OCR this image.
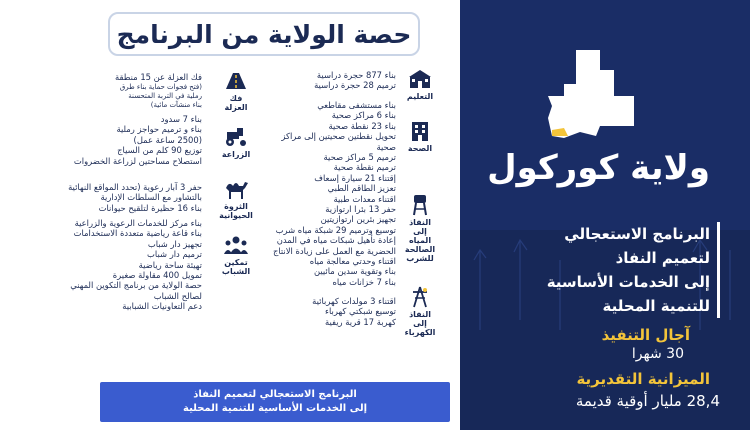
حصة الولاية من البرنامج
التعليم
بناء 877 حجرة دراسية
ترميم 28 حجرة دراسية
الصحة
بناء مستشفى مقاطعي
بناء 6 مراكز صحية
بناء 23 نقطة صحية
تحويل نقطتين صحيتين إلى مراكز
صحية
ترميم 5 مراكز صحية
ترميم نقطة صحية
إقتناء 21 سيارة إسعاف
تعزيز الطاقم الطبي
اقتناء معدات طبية
النفاذ
إلى
المياه
الصالحة
للشرب
حفر 13 بئرا ارتوازية
تجهيز بئرين ارتوازيتين
توسيع وترميم 29 شبكة مياه شرب
إعادة تأهيل شبكات مياه في المدن
الحضرية مع العمل على زيادة الانتاج
اقتناء وحدتي معالجة مياه
بناء وتقوية سدين مائيين
بناء 7 خزانات مياه
النفاذ
إلى
الكهرباء
اقتناء 3 مولدات كهربائية
توسيع شبكتي كهرباء
كهربة 17 قرية ريفية
فك
العزلة
فك العزلة عن 15 منطقة
(فتح فجوات حماية بناء طرق
رملية في التربة المتحسنة
بناء منشآت مائية)
الزراعة
بناء 7 سدود
بناء و ترميم حواجز رملية
(2500 ساعة عمل)
توزيع 90 كلم من السياج
استصلاح مساحتين لزراعة الخضروات
الثروة
الحيوانية
حفر 3 آبار رعوية (تحدد المواقع النهائية
بالتشاور مع السلطات الإدارية
بناء 16 حظيرة لتلقيح حيوانات
تمكين
الشباب
بناء مركز للخدمات الرعوية والزراعية
بناء قاعة رياضية متعددة الاستخدامات
تجهيز دار شباب
ترميم دار شباب
تهيئة ساحة رياضية
تمويل 400 مقاولة صغيرة
حصة الولاية من برنامج التكوين المهني
لصالح الشباب
دعم التعاونيات الشبابية
البرنامج الاستعجالي لتعميم النفاذ
إلى الخدمات الأساسية للتنمية المحلية
ولاية كوركول
البرنامج الاستعجالي
لتعميم النفاذ
إلى الخدمات الأساسية
للتنمية المحلية
آجال التنفيذ
30 شهرا
الميزانية التقديرية
28,4 مليار أوقية قديمة
